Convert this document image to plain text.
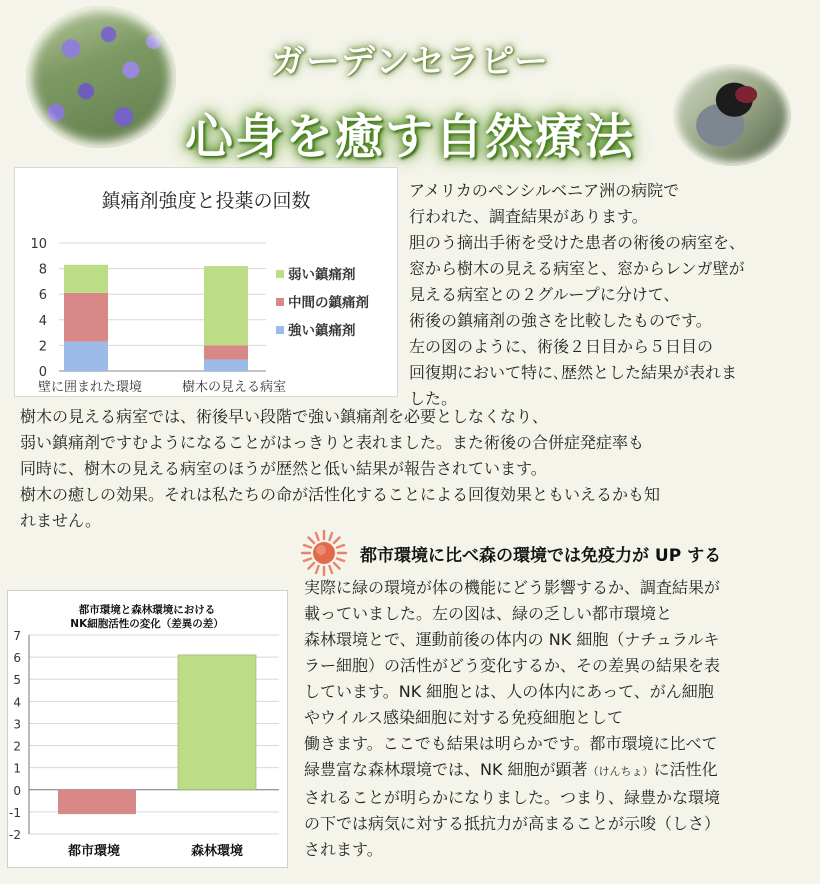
ガーデンセラピー
心身を癒す自然療法
鎮痛剤強度と投薬の回数
0
2
4
6
8
10
壁に囲まれた環境	樹木の見える病室
弱い鎮痛剤
中間の鎮痛剤
強い鎮痛剤
アメリカのペンシルベニア洲の病院で
行われた、調査結果があります。
胆のう摘出手術を受けた患者の術後の病室を、
窓から樹木の見える病室と、窓からレンガ壁が
見える病室との２グループに分けて、
術後の鎮痛剤の強さを比較したものです。
左の図のように、術後２日目から５日目の
回復期において特に､歴然とした結果が表れま
した。
樹木の見える病室では、術後早い段階で強い鎮痛剤を必要としなくなり、
弱い鎮痛剤ですむようになることがはっきりと表れました。また術後の合併症発症率も
同時に、樹木の見える病室のほうが歴然と低い結果が報告されています。
樹木の癒しの効果。それは私たちの命が活性化することによる回復効果ともいえるかも知
れません。
都市環境に比べ森の環境では免疫力が UP する
都市環境と森林環境における
NK細胞活性の変化（差異の差）
-2
-1
0
1
2
3
4
5
6
7
都市環境	森林環境
実際に緑の環境が体の機能にどう影響するか、調査結果が
載っていました。左の図は、緑の乏しい都市環境と
森林環境とで、運動前後の体内の NK 細胞（ナチュラルキ
ラー細胞）の活性がどう変化するか、その差異の結果を表
しています。NK 細胞とは、人の体内にあって、がん細胞
やウイルス感染細胞に対する免疫細胞として
働きます。ここでも結果は明らかです。都市環境に比べて
緑豊富な森林環境では、NK 細胞が顕著（けんちょ）に活性化
されることが明らかになりました。つまり、緑豊かな環境
の下では病気に対する抵抗力が高まることが示唆（しさ）
されます。
